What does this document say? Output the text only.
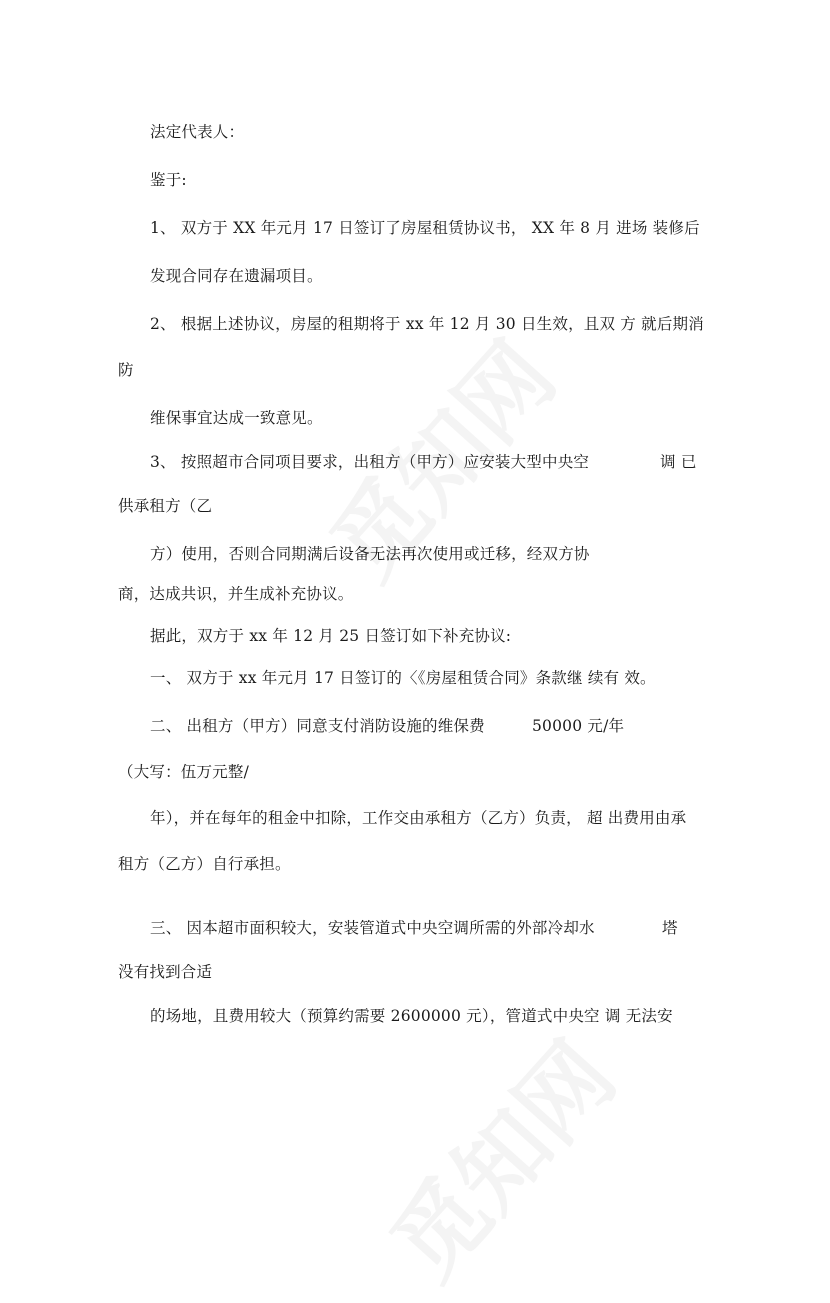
法定代表人：
鉴于:
1、 双方于 XX 年元月 17 日签订了房屋租赁协议书， XX 年 8 月 进场 装修后
发现合同存在遗漏项目。
2、 根据上述协议，房屋的租期将于 xx 年 12 月 30 日生效，且双 方 就后期消
防
维保事宜达成一致意见。
3、 按照超市合同项目要求，出租方（甲方）应安装大型中央空	调 已
供承租方（乙
方）使用，否则合同期满后设备无法再次使用或迁移，经双方协
商，达成共识，并生成补充协议。
据此，双方于 xx 年 12 月 25 日签订如下补充协议:
一、 双方于 xx 年元月 17 日签订的〈《房屋租赁合同》条款继 续有 效。
二、 出租方（甲方）同意支付消防设施的维保费	50000 元/年
（大写：伍万元整/
年），并在每年的租金中扣除，工作交由承租方（乙方）负责， 超 出费用由承
租方（乙方）自行承担。
三、 因本超市面积较大，安装管道式中央空调所需的外部冷却水	塔
没有找到合适
的场地，且费用较大（预算约需要 2600000 元），管道式中央空 调 无法安
